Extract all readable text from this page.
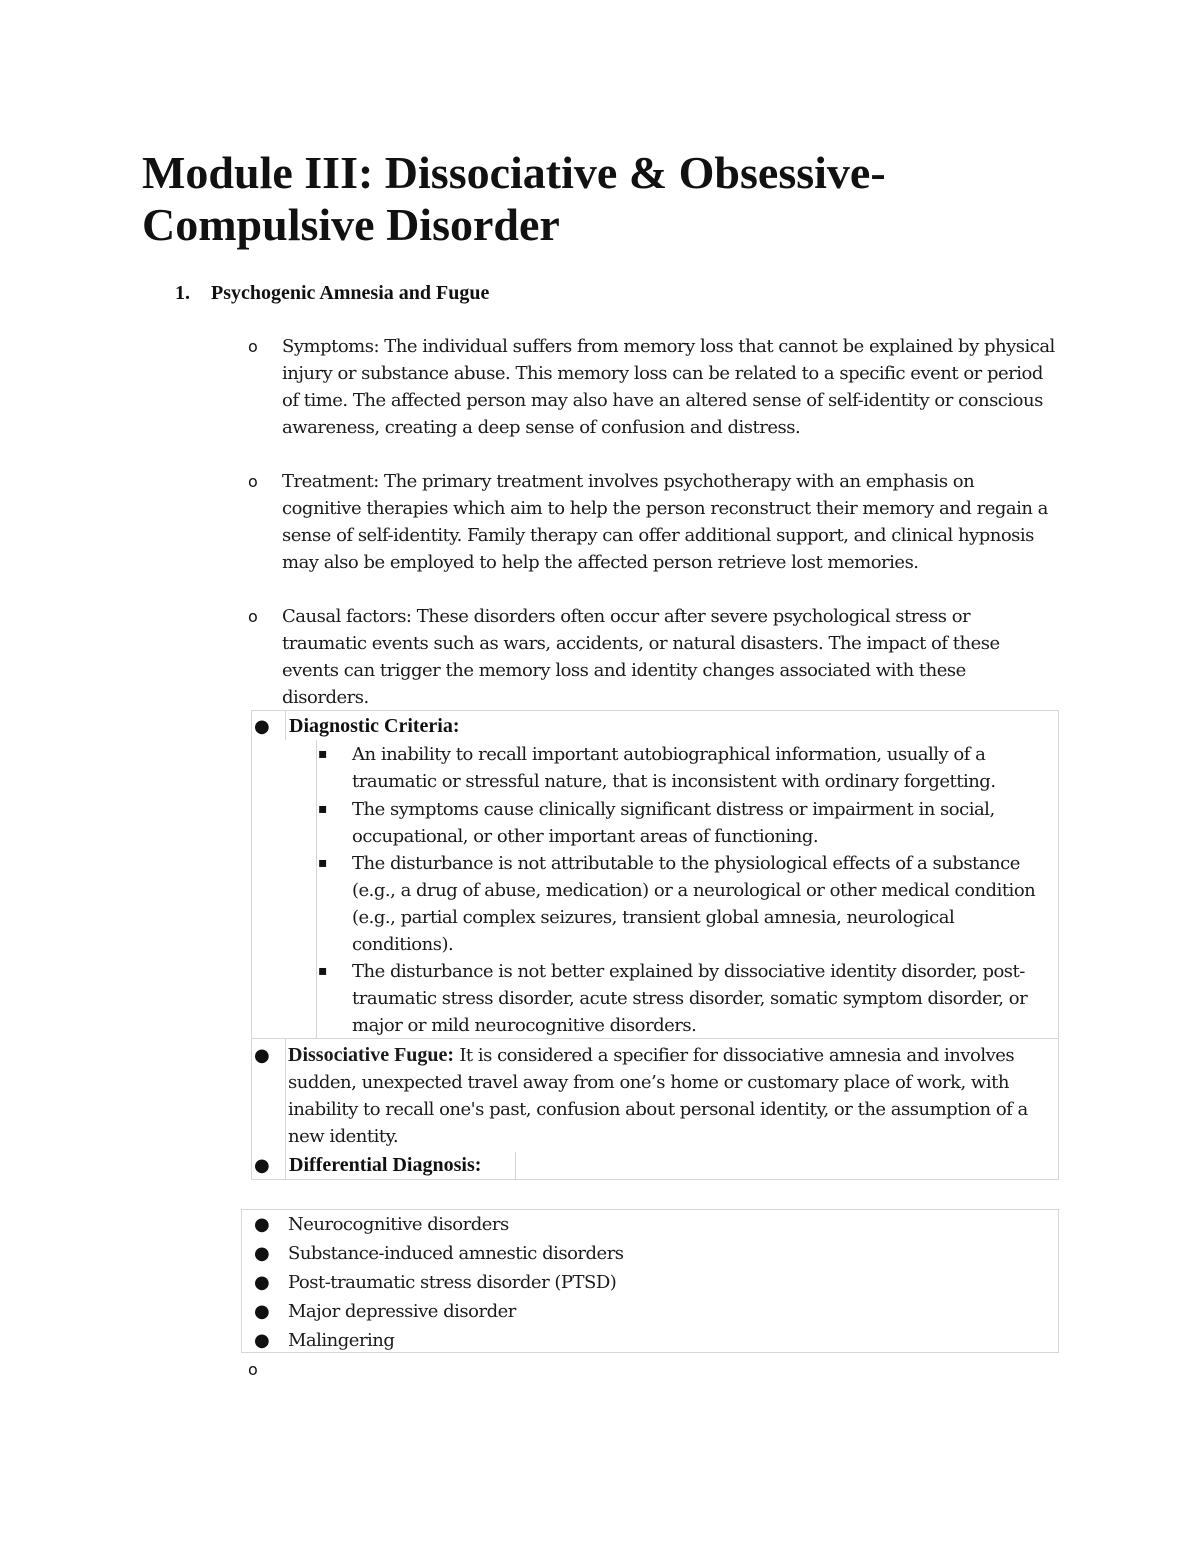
Module III: Dissociative & Obsessive-
Compulsive Disorder
1. Psychogenic Amnesia and Fugue
o Symptoms: The individual suffers from memory loss that cannot be explained by physical injury or substance abuse. This memory loss can be related to a specific event or period of time. The affected person may also have an altered sense of self-identity or conscious awareness, creating a deep sense of confusion and distress.
o Treatment: The primary treatment involves psychotherapy with an emphasis on cognitive therapies which aim to help the person reconstruct their memory and regain a sense of self-identity. Family therapy can offer additional support, and clinical hypnosis may also be employed to help the affected person retrieve lost memories.
o Causal factors: These disorders often occur after severe psychological stress or traumatic events such as wars, accidents, or natural disasters. The impact of these events can trigger the memory loss and identity changes associated with these disorders.
● Diagnostic Criteria:
▪ An inability to recall important autobiographical information, usually of a traumatic or stressful nature, that is inconsistent with ordinary forgetting.
▪ The symptoms cause clinically significant distress or impairment in social, occupational, or other important areas of functioning.
▪ The disturbance is not attributable to the physiological effects of a substance (e.g., a drug of abuse, medication) or a neurological or other medical condition (e.g., partial complex seizures, transient global amnesia, neurological conditions).
▪ The disturbance is not better explained by dissociative identity disorder, post-traumatic stress disorder, acute stress disorder, somatic symptom disorder, or major or mild neurocognitive disorders.
● Dissociative Fugue: It is considered a specifier for dissociative amnesia and involves sudden, unexpected travel away from one’s home or customary place of work, with inability to recall one's past, confusion about personal identity, or the assumption of a new identity.
● Differential Diagnosis:
● Neurocognitive disorders
● Substance-induced amnestic disorders
● Post-traumatic stress disorder (PTSD)
● Major depressive disorder
● Malingering
o
